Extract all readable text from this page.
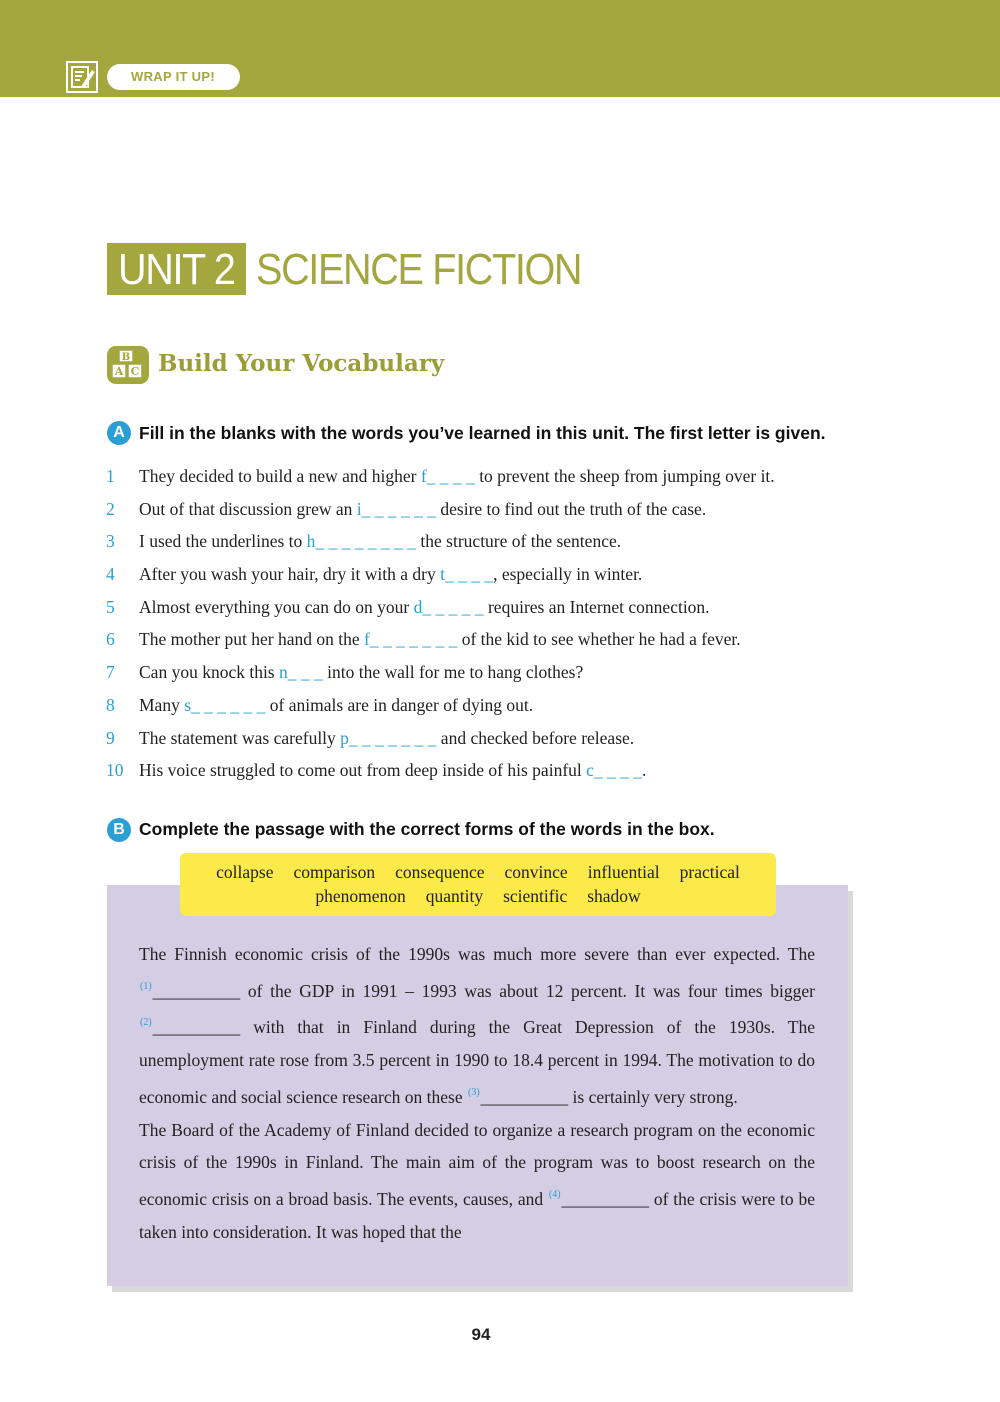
WRAP IT UP!
UNIT 2 SCIENCE FICTION
B
A C Build Your Vocabulary
A Fill in the blanks with the words you’ve learned in this unit. The first letter is given.
1	They decided to build a new and higher f_ _ _ _ to prevent the sheep from jumping over it.
2	Out of that discussion grew an i_ _ _ _ _ _ desire to find out the truth of the case.
3	I used the underlines to h_ _ _ _ _ _ _ _ the structure of the sentence.
4	After you wash your hair, dry it with a dry t_ _ _ _, especially in winter.
5	Almost everything you can do on your d_ _ _ _ _ requires an Internet connection.
6	The mother put her hand on the f_ _ _ _ _ _ _ of the kid to see whether he had a fever.
7	Can you knock this n_ _ _ into the wall for me to hang clothes?
8	Many s_ _ _ _ _ _ of animals are in danger of dying out.
9	The statement was carefully p_ _ _ _ _ _ _ and checked before release.
10 His voice struggled to come out from deep inside of his painful c_ _ _ _.
B Complete the passage with the correct forms of the words in the box.
collapse comparison consequence convince influential practical
phenomenon quantity scientific shadow

The Finnish economic crisis of the 1990s was much more severe than ever expected. The $^{(1)}$__________ of the GDP in 1991 – 1993 was about 12 percent. It was four times bigger $^{(2)}$__________ with that in Finland during the Great Depression of the 1930s. The unemployment rate rose from 3.5 percent in 1990 to 18.4 percent in 1994. The motivation to do economic and social science research on these $^{(3)}$__________ is certainly very strong.

The Board of the Academy of Finland decided to organize a research program on the economic crisis of the 1990s in Finland. The main aim of the program was to boost research on the economic crisis on a broad basis. The events, causes, and $^{(4)}$__________ of the crisis were to be taken into consideration. It was hoped that the

94
